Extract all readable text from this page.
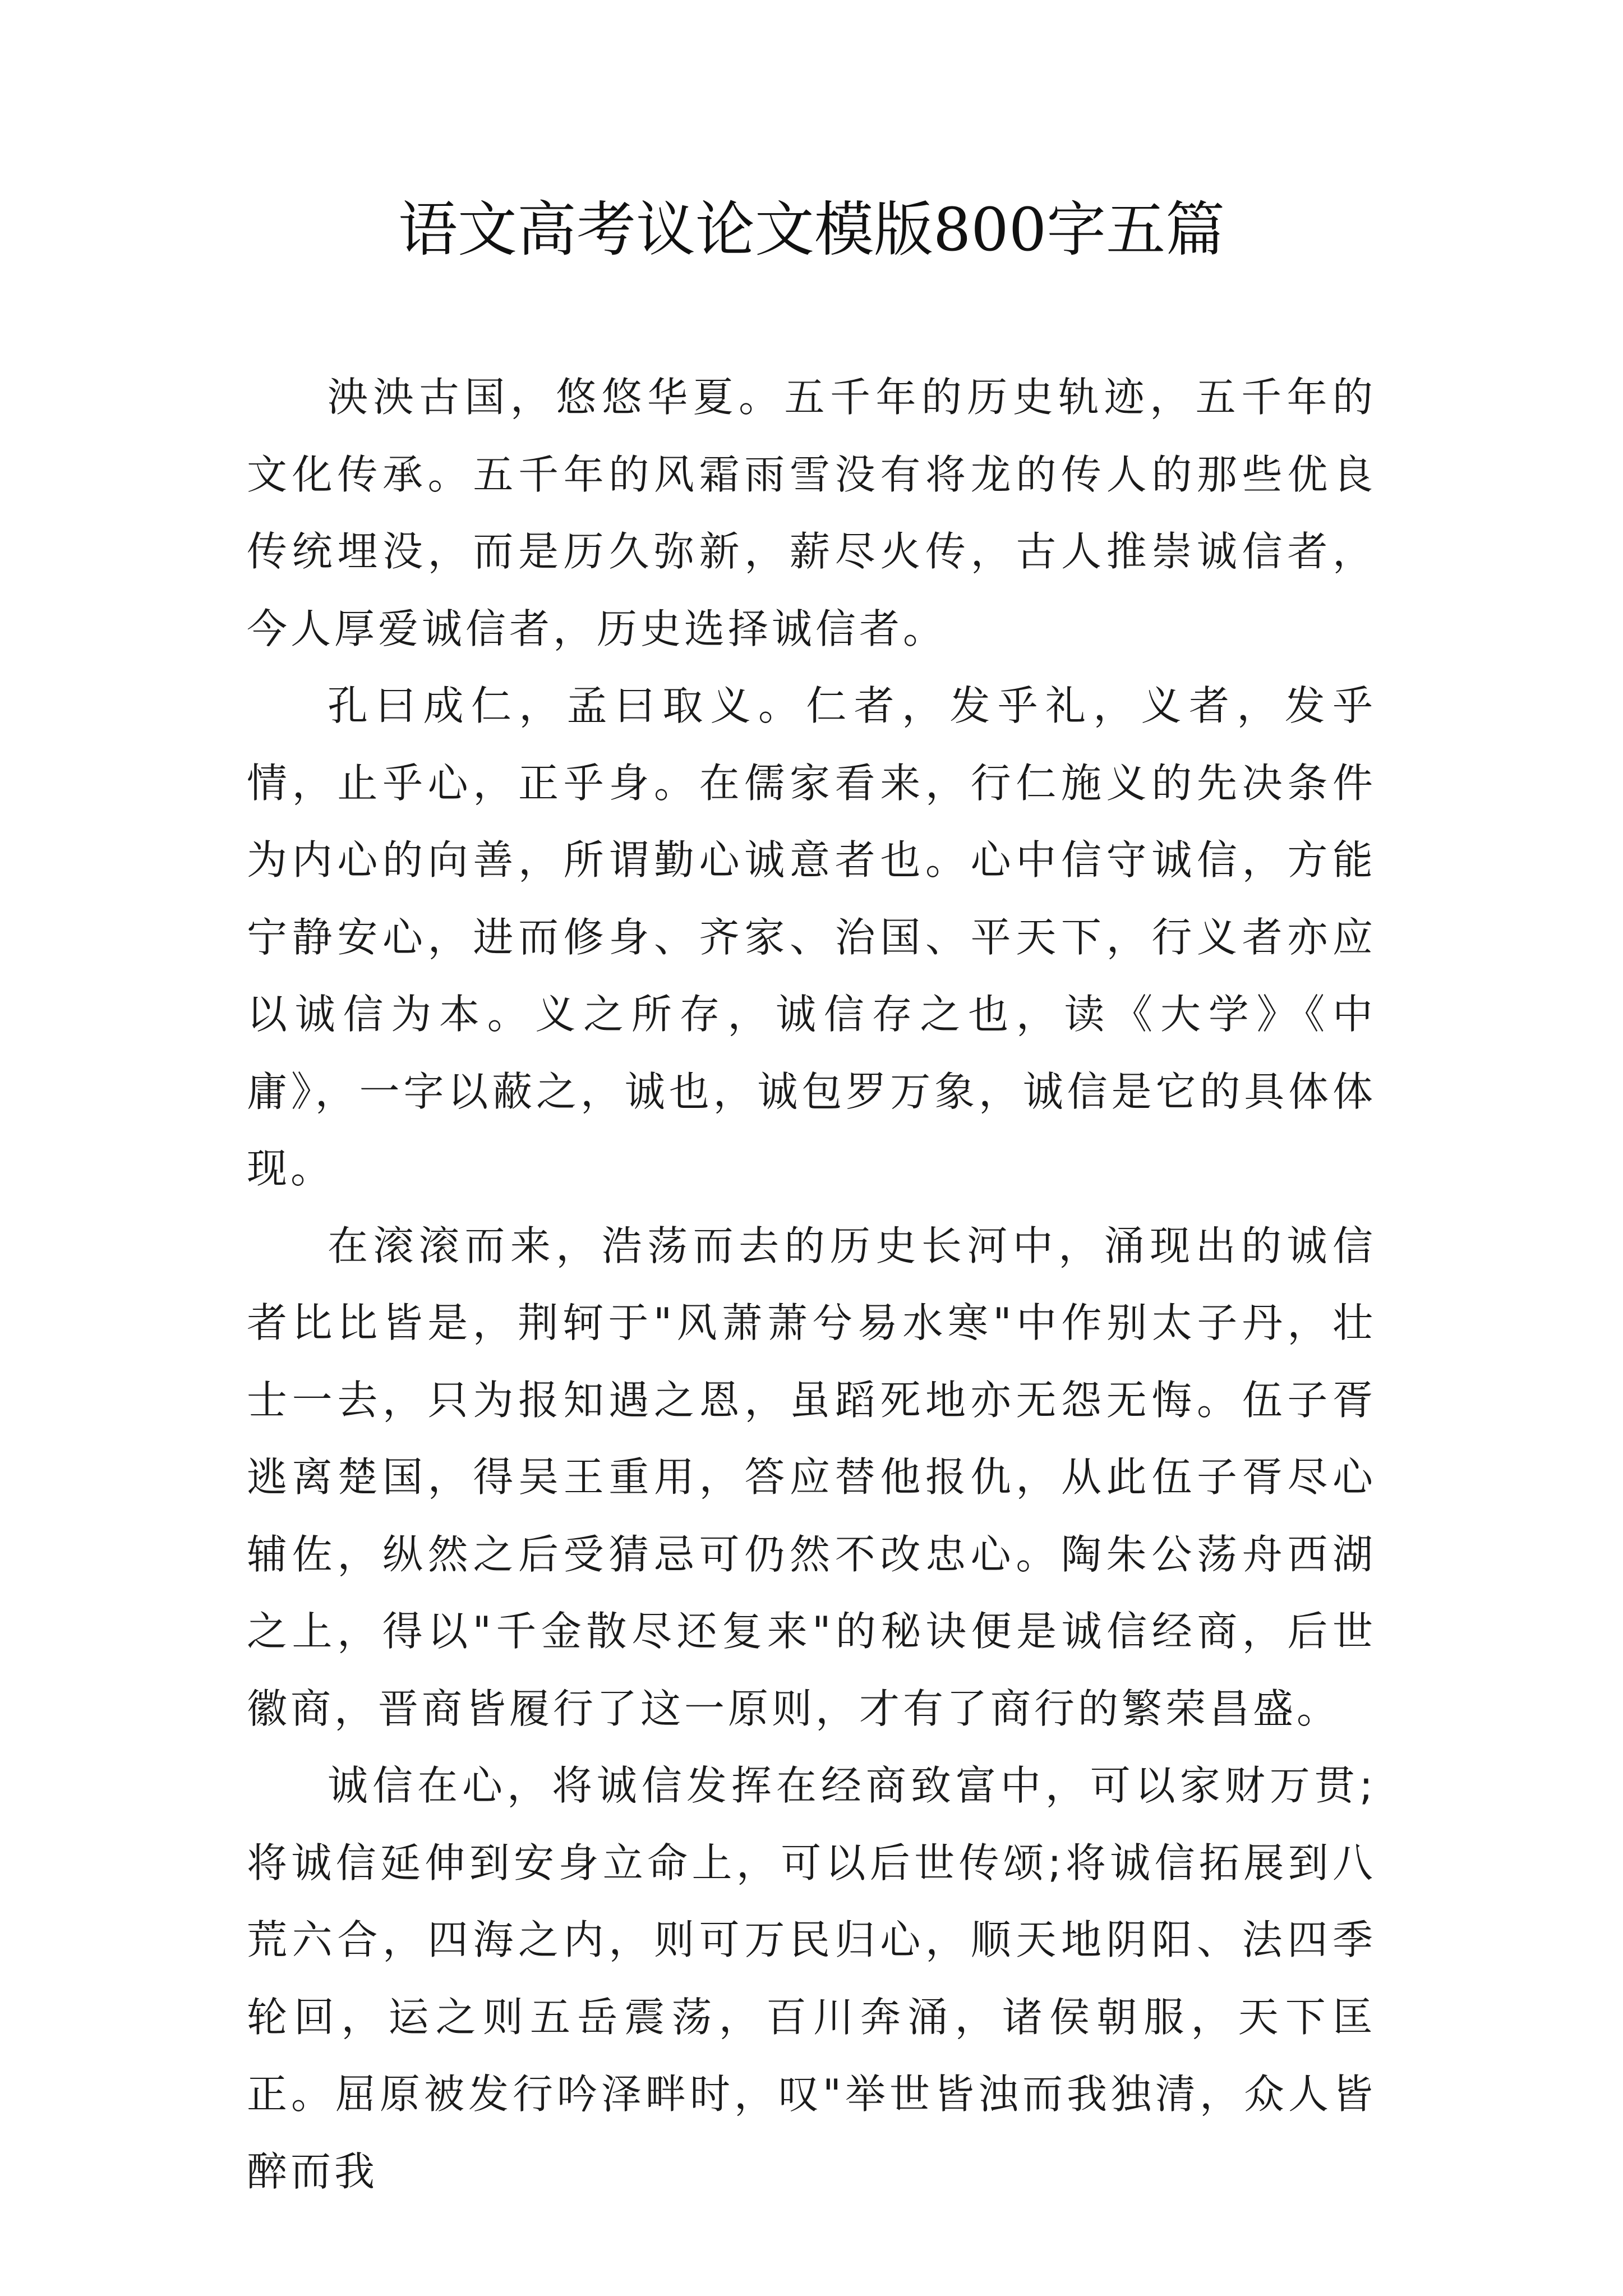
语文高考议论文模版800字五篇

泱泱古国，悠悠华夏。五千年的历史轨迹，五千年的文化传承。五千年的风霜雨雪没有将龙的传人的那些优良传统埋没，而是历久弥新，薪尽火传，古人推崇诚信者，今人厚爱诚信者，历史选择诚信者。

孔曰成仁，孟曰取义。仁者，发乎礼，义者，发乎情，止乎心，正乎身。在儒家看来，行仁施义的先决条件为内心的向善，所谓勤心诚意者也。心中信守诚信，方能宁静安心，进而修身、齐家、治国、平天下，行义者亦应以诚信为本。义之所存，诚信存之也，读《大学》《中庸》，一字以蔽之，诚也，诚包罗万象，诚信是它的具体体现。

在滚滚而来，浩荡而去的历史长河中，涌现出的诚信者比比皆是，荆轲于"风萧萧兮易水寒"中作别太子丹，壮士一去，只为报知遇之恩，虽蹈死地亦无怨无悔。伍子胥逃离楚国，得吴王重用，答应替他报仇，从此伍子胥尽心辅佐，纵然之后受猜忌可仍然不改忠心。陶朱公荡舟西湖之上，得以"千金散尽还复来"的秘诀便是诚信经商，后世徽商，晋商皆履行了这一原则，才有了商行的繁荣昌盛。

诚信在心，将诚信发挥在经商致富中，可以家财万贯;将诚信延伸到安身立命上，可以后世传颂;将诚信拓展到八荒六合，四海之内，则可万民归心，顺天地阴阳、法四季轮回，运之则五岳震荡，百川奔涌，诸侯朝服，天下匡正。屈原被发行吟泽畔时，叹"举世皆浊而我独清，众人皆醉而我
